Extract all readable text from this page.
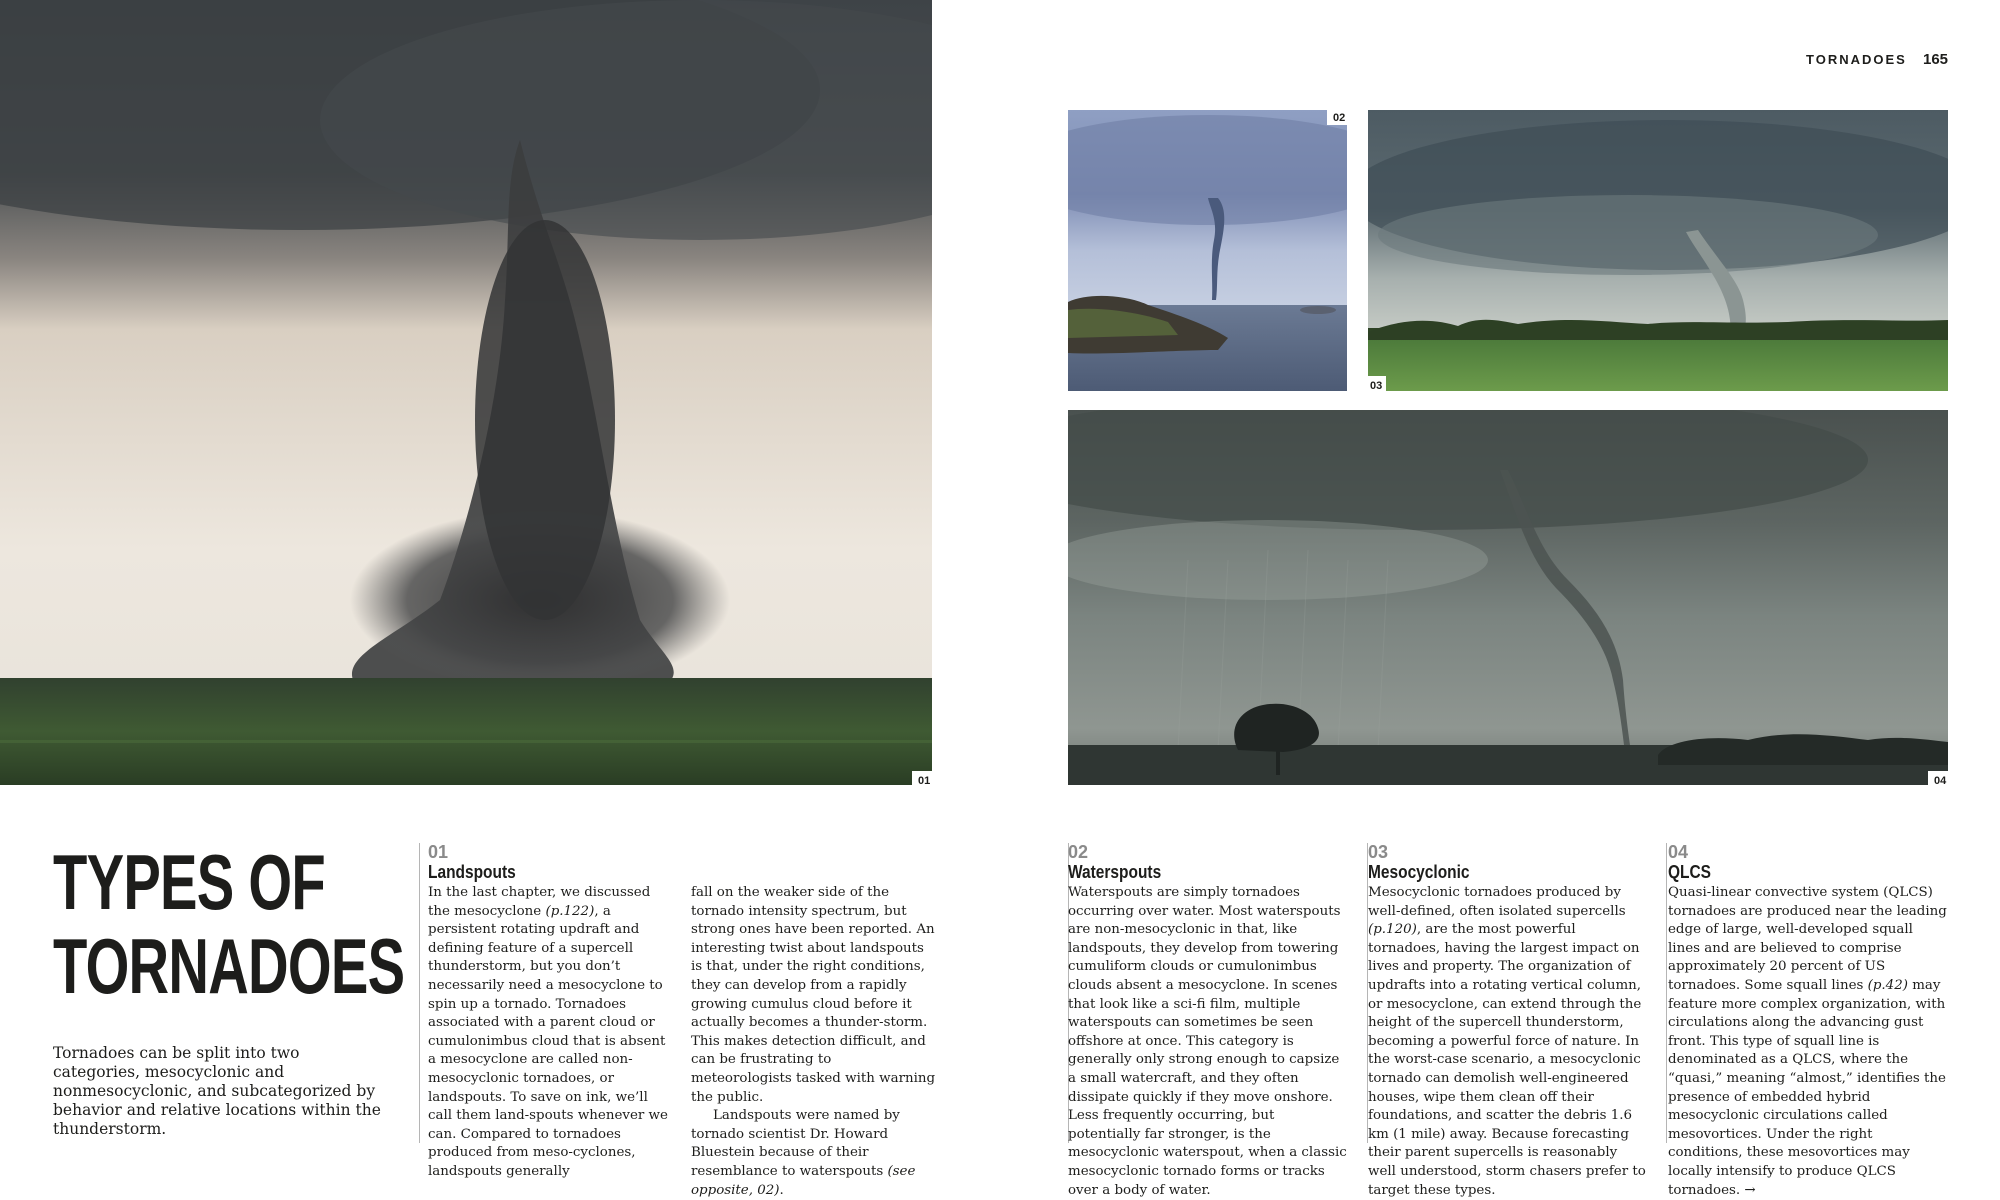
TORNADOES 165
01
02
03
04
TYPES OF
TORNADOES
Tornadoes can be split into two categories, mesocyclonic and nonmesocyclonic, and subcategorized by behavior and relative locations within the thunderstorm.
01
Landspouts

In the last chapter, we discussed the mesocyclone (p.122), a persistent rotating updraft and defining feature of a supercell thunderstorm, but you don’t necessarily need a mesocyclone to spin up a tornado. Tornadoes associated with a parent cloud or cumulonimbus cloud that is absent a mesocyclone are called non-mesocyclonic tornadoes, or landspouts. To save on ink, we’ll call them land-spouts whenever we can. Compared to tornadoes produced from meso-cyclones, landspouts generally

fall on the weaker side of the tornado intensity spectrum, but strong ones have been reported. An interesting twist about landspouts is that, under the right conditions, they can develop from a rapidly growing cumulus cloud before it actually becomes a thunder-storm. This makes detection difficult, and can be frustrating to meteorologists tasked with warning the public.

Landspouts were named by tornado scientist Dr. Howard Bluestein because of their resemblance to waterspouts (see opposite, 02).

02
Waterspouts
Waterspouts are simply tornadoes occurring over water. Most waterspouts are non-mesocyclonic in that, like landspouts, they develop from towering cumuliform clouds or cumulonimbus clouds absent a mesocyclone. In scenes that look like a sci-fi film, multiple waterspouts can sometimes be seen offshore at once. This category is generally only strong enough to capsize a small watercraft, and they often dissipate quickly if they move onshore. Less frequently occurring, but potentially far stronger, is the mesocyclonic waterspout, when a classic mesocyclonic tornado forms or tracks over a body of water.
03
Mesocyclonic

Mesocyclonic tornadoes produced by well-defined, often isolated supercells (p.120), are the most powerful tornadoes, having the largest impact on lives and property. The organization of updrafts into a rotating vertical column, or mesocyclone, can extend through the height of the supercell thunderstorm, becoming a powerful force of nature. In the worst-case scenario, a mesocyclonic tornado can demolish well-engineered houses, wipe them clean off their foundations, and scatter the debris 1.6 km (1 mile) away. Because forecasting their parent supercells is reasonably well understood, storm chasers prefer to target these types.

04
QLCS

Quasi-linear convective system (QLCS) tornadoes are produced near the leading edge of large, well-developed squall lines and are believed to comprise approximately 20 percent of US tornadoes. Some squall lines (p.42) may feature more complex organization, with circulations along the advancing gust front. This type of squall line is denominated as a QLCS, where the “quasi,” meaning “almost,” identifies the presence of embedded hybrid mesocyclonic circulations called mesovortices. Under the right conditions, these mesovortices may locally intensify to produce QLCS tornadoes. →
